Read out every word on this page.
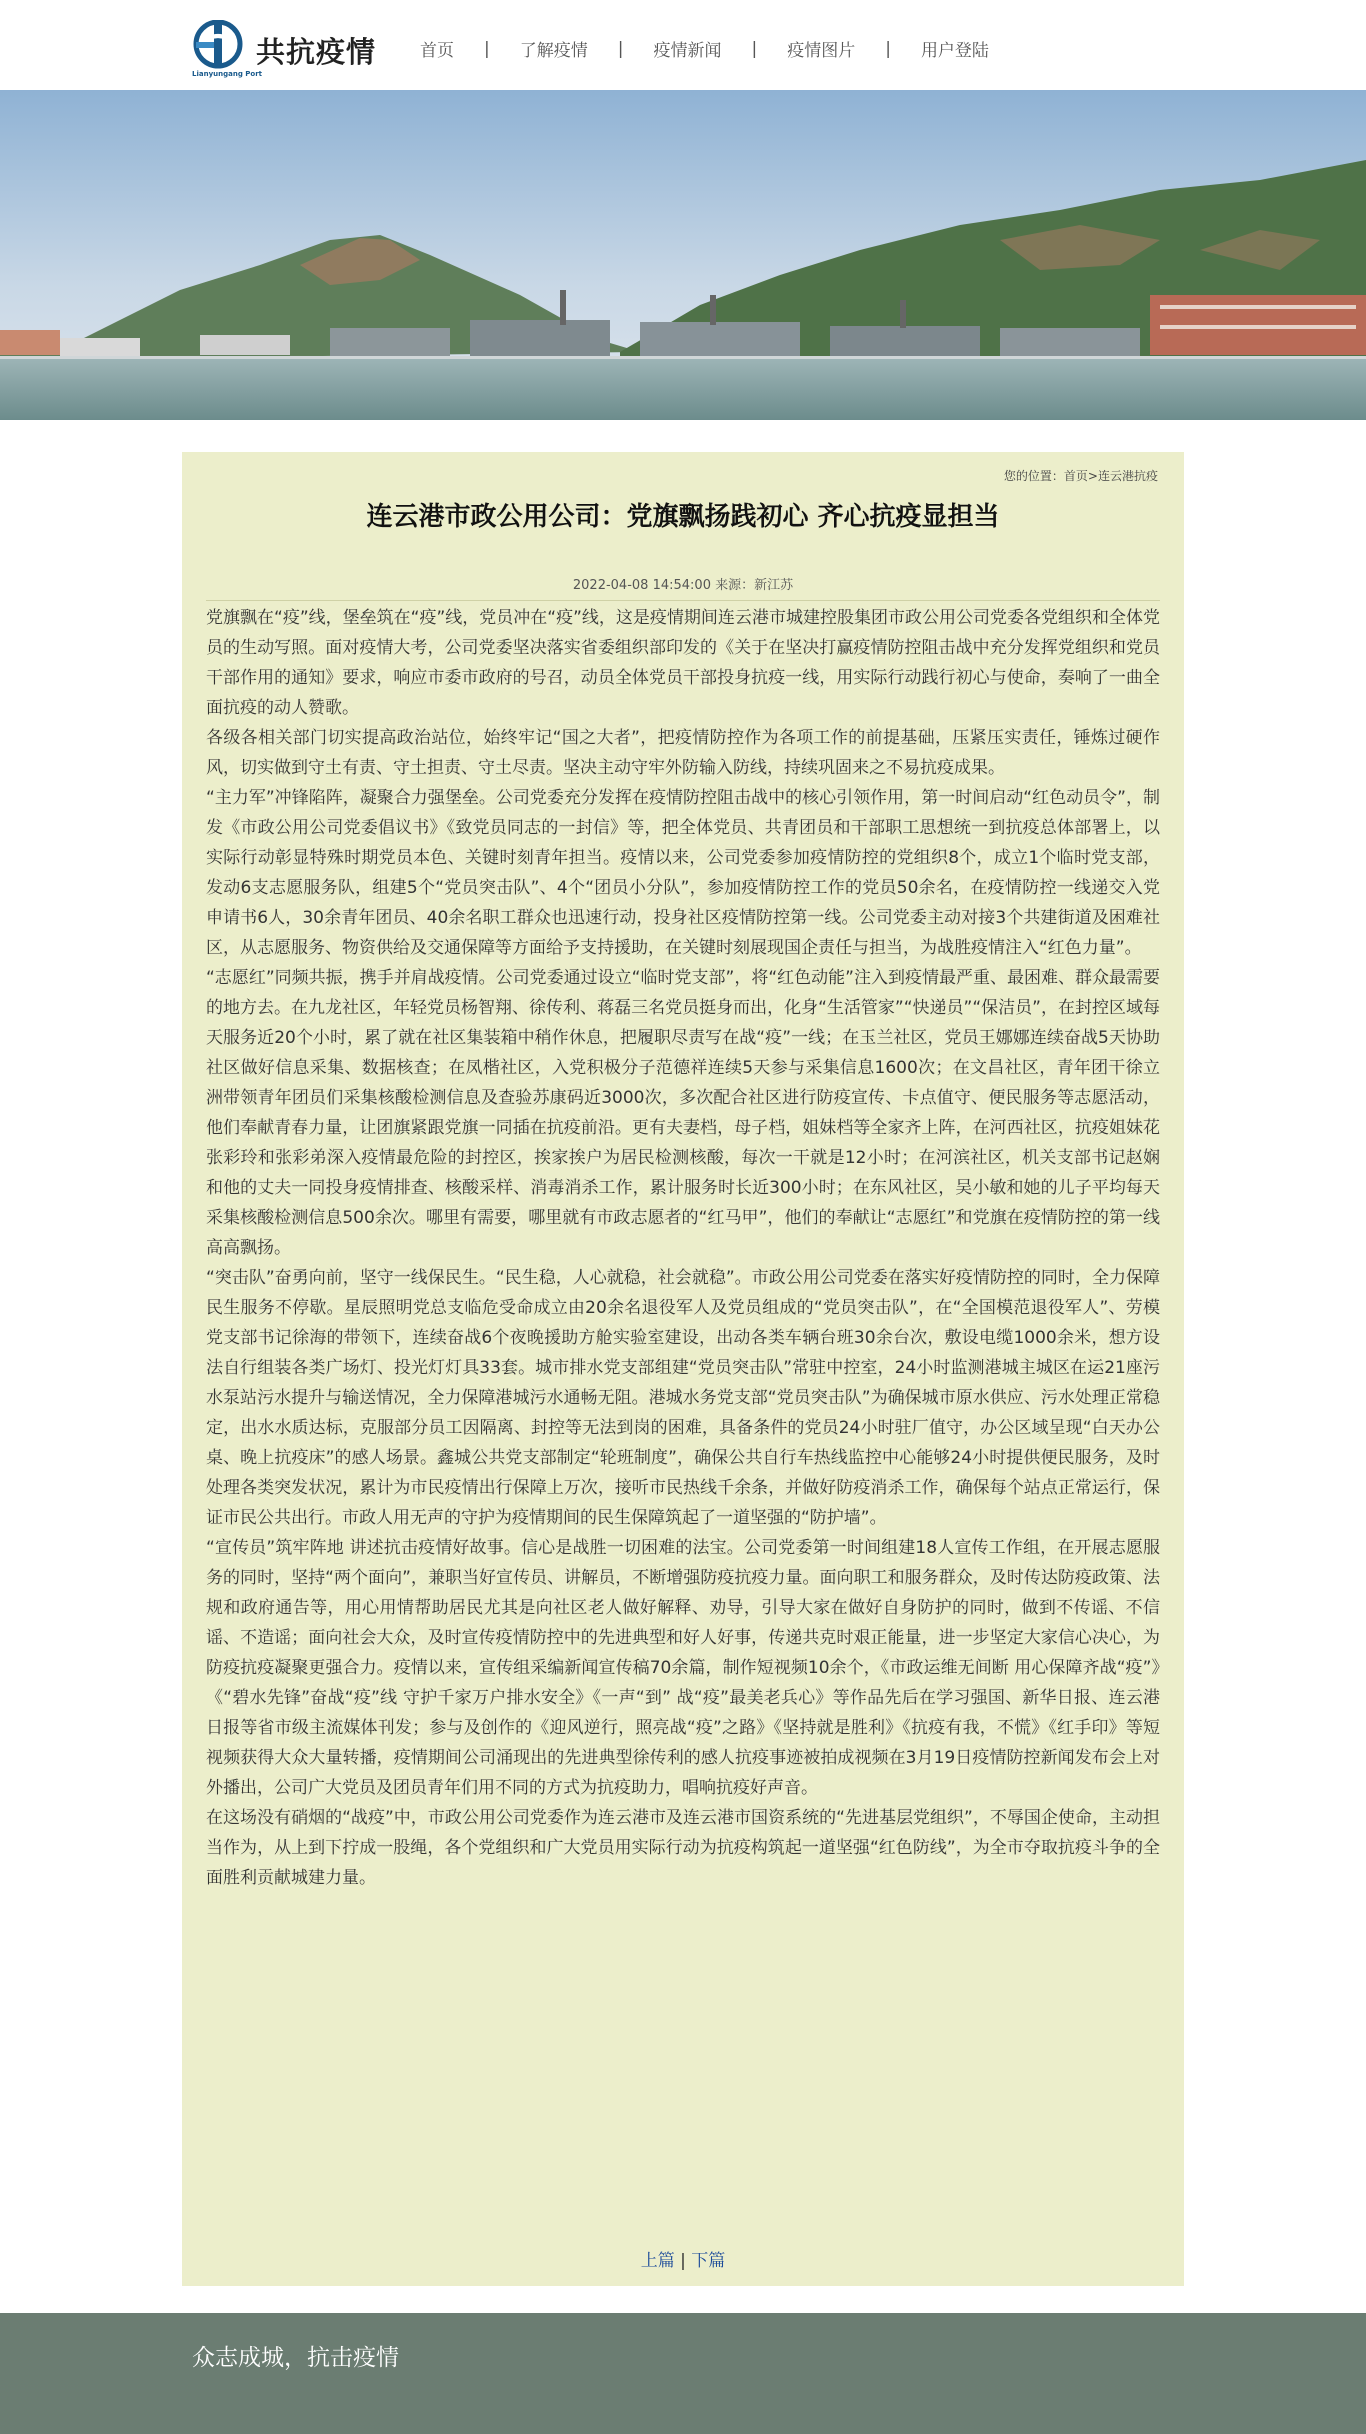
共抗疫情
Lianyungang Port
首页 | 了解疫情 | 疫情新闻 | 疫情图片 | 用户登陆
您的位置：首页>连云港抗疫
连云港市政公用公司：党旗飘扬践初心 齐心抗疫显担当
2022-04-08 14:54:00 来源：新江苏

党旗飘在“疫”线，堡垒筑在“疫”线，党员冲在“疫”线，这是疫情期间连云港市城建控股集团市政公用公司党委各党组织和全体党员的生动写照。面对疫情大考，公司党委坚决落实省委组织部印发的《关于在坚决打赢疫情防控阻击战中充分发挥党组织和党员干部作用的通知》要求，响应市委市政府的号召，动员全体党员干部投身抗疫一线，用实际行动践行初心与使命，奏响了一曲全面抗疫的动人赞歌。

各级各相关部门切实提高政治站位，始终牢记“国之大者”，把疫情防控作为各项工作的前提基础，压紧压实责任，锤炼过硬作风，切实做到守土有责、守土担责、守土尽责。坚决主动守牢外防输入防线，持续巩固来之不易抗疫成果。

“主力军”冲锋陷阵，凝聚合力强堡垒。公司党委充分发挥在疫情防控阻击战中的核心引领作用，第一时间启动“红色动员令”，制发《市政公用公司党委倡议书》《致党员同志的一封信》等，把全体党员、共青团员和干部职工思想统一到抗疫总体部署上，以实际行动彰显特殊时期党员本色、关键时刻青年担当。疫情以来，公司党委参加疫情防控的党组织8个，成立1个临时党支部，发动6支志愿服务队，组建5个“党员突击队”、4个“团员小分队”，参加疫情防控工作的党员50余名，在疫情防控一线递交入党申请书6人，30余青年团员、40余名职工群众也迅速行动，投身社区疫情防控第一线。公司党委主动对接3个共建街道及困难社区，从志愿服务、物资供给及交通保障等方面给予支持援助，在关键时刻展现国企责任与担当，为战胜疫情注入“红色力量”。

“志愿红”同频共振，携手并肩战疫情。公司党委通过设立“临时党支部”，将“红色动能”注入到疫情最严重、最困难、群众最需要的地方去。在九龙社区，年轻党员杨智翔、徐传利、蒋磊三名党员挺身而出，化身“生活管家”“快递员”“保洁员”，在封控区域每天服务近20个小时，累了就在社区集装箱中稍作休息，把履职尽责写在战“疫”一线；在玉兰社区，党员王娜娜连续奋战5天协助社区做好信息采集、数据核查；在凤楷社区，入党积极分子范德祥连续5天参与采集信息1600次；在文昌社区，青年团干徐立洲带领青年团员们采集核酸检测信息及查验苏康码近3000次，多次配合社区进行防疫宣传、卡点值守、便民服务等志愿活动，他们奉献青春力量，让团旗紧跟党旗一同插在抗疫前沿。更有夫妻档，母子档，姐妹档等全家齐上阵，在河西社区，抗疫姐妹花张彩玲和张彩弟深入疫情最危险的封控区，挨家挨户为居民检测核酸，每次一干就是12小时；在河滨社区，机关支部书记赵娴和他的丈夫一同投身疫情排查、核酸采样、消毒消杀工作，累计服务时长近300小时；在东风社区，吴小敏和她的儿子平均每天采集核酸检测信息500余次。哪里有需要，哪里就有市政志愿者的“红马甲”，他们的奉献让“志愿红”和党旗在疫情防控的第一线高高飘扬。

“突击队”奋勇向前，坚守一线保民生。“民生稳，人心就稳，社会就稳”。市政公用公司党委在落实好疫情防控的同时，全力保障民生服务不停歇。星辰照明党总支临危受命成立由20余名退役军人及党员组成的“党员突击队”，在“全国模范退役军人”、劳模党支部书记徐海的带领下，连续奋战6个夜晚援助方舱实验室建设，出动各类车辆台班30余台次，敷设电缆1000余米，想方设法自行组装各类广场灯、投光灯灯具33套。城市排水党支部组建“党员突击队”常驻中控室，24小时监测港城主城区在运21座污水泵站污水提升与输送情况，全力保障港城污水通畅无阻。港城水务党支部“党员突击队”为确保城市原水供应、污水处理正常稳定，出水水质达标，克服部分员工因隔离、封控等无法到岗的困难，具备条件的党员24小时驻厂值守，办公区域呈现“白天办公桌、晚上抗疫床”的感人场景。鑫城公共党支部制定“轮班制度”，确保公共自行车热线监控中心能够24小时提供便民服务，及时处理各类突发状况，累计为市民疫情出行保障上万次，接听市民热线千余条，并做好防疫消杀工作，确保每个站点正常运行，保证市民公共出行。市政人用无声的守护为疫情期间的民生保障筑起了一道坚强的“防护墙”。

“宣传员”筑牢阵地 讲述抗击疫情好故事。信心是战胜一切困难的法宝。公司党委第一时间组建18人宣传工作组，在开展志愿服务的同时，坚持“两个面向”，兼职当好宣传员、讲解员，不断增强防疫抗疫力量。面向职工和服务群众，及时传达防疫政策、法规和政府通告等，用心用情帮助居民尤其是向社区老人做好解释、劝导，引导大家在做好自身防护的同时，做到不传谣、不信谣、不造谣；面向社会大众，及时宣传疫情防控中的先进典型和好人好事，传递共克时艰正能量，进一步坚定大家信心决心，为防疫抗疫凝聚更强合力。疫情以来，宣传组采编新闻宣传稿70余篇，制作短视频10余个，《市政运维无间断 用心保障齐战“疫”》《“碧水先锋”奋战“疫”线 守护千家万户排水安全》《一声“到” 战“疫”最美老兵心》等作品先后在学习强国、新华日报、连云港日报等省市级主流媒体刊发；参与及创作的《迎风逆行，照亮战“疫”之路》《坚持就是胜利》《抗疫有我，不慌》《红手印》等短视频获得大众大量转播，疫情期间公司涌现出的先进典型徐传利的感人抗疫事迹被拍成视频在3月19日疫情防控新闻发布会上对外播出，公司广大党员及团员青年们用不同的方式为抗疫助力，唱响抗疫好声音。

在这场没有硝烟的“战疫”中，市政公用公司党委作为连云港市及连云港市国资系统的“先进基层党组织”，不辱国企使命，主动担当作为，从上到下拧成一股绳，各个党组织和广大党员用实际行动为抗疫构筑起一道坚强“红色防线”，为全市夺取抗疫斗争的全面胜利贡献城建力量。

上篇 | 下篇
众志成城，抗击疫情
